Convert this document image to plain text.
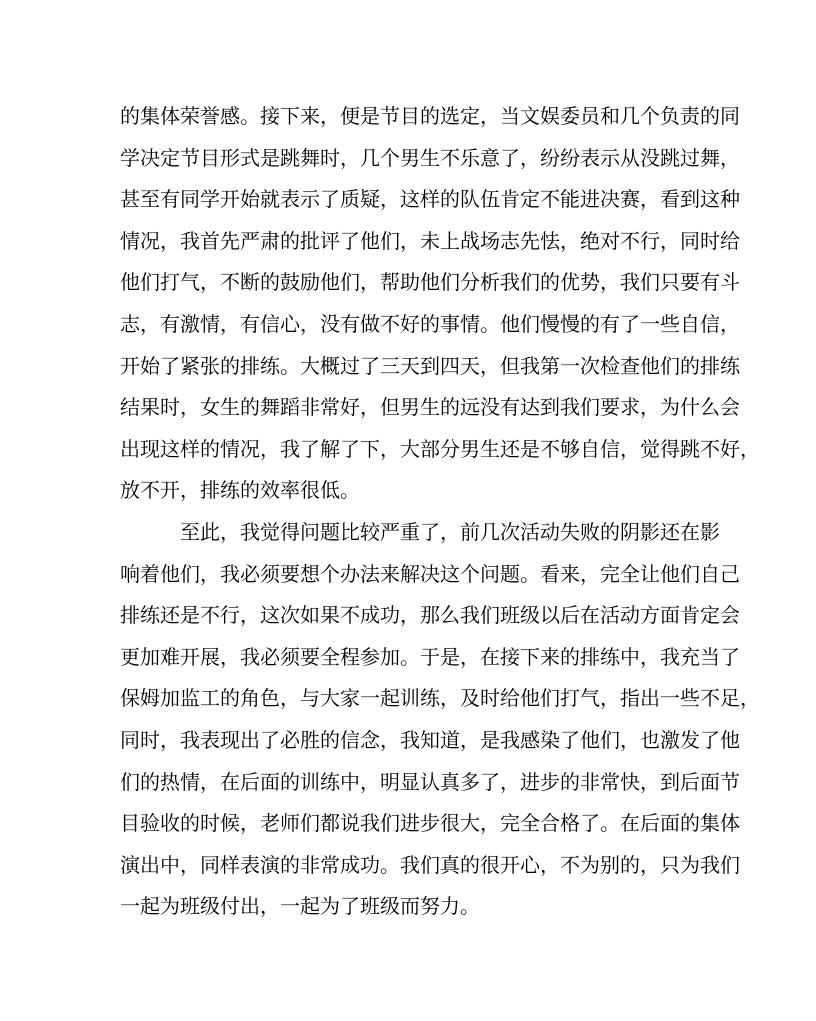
的集体荣誉感。接下来，便是节目的选定，当文娱委员和几个负责的同
学决定节目形式是跳舞时，几个男生不乐意了，纷纷表示从没跳过舞，
甚至有同学开始就表示了质疑，这样的队伍肯定不能进决赛，看到这种
情况，我首先严肃的批评了他们，未上战场志先怯，绝对不行，同时给
他们打气，不断的鼓励他们，帮助他们分析我们的优势，我们只要有斗
志，有激情，有信心，没有做不好的事情。他们慢慢的有了一些自信，
开始了紧张的排练。大概过了三天到四天，但我第一次检查他们的排练
结果时，女生的舞蹈非常好，但男生的远没有达到我们要求，为什么会
出现这样的情况，我了解了下，大部分男生还是不够自信，觉得跳不好，
放不开，排练的效率很低。
至此，我觉得问题比较严重了，前几次活动失败的阴影还在影
响着他们，我必须要想个办法来解决这个问题。看来，完全让他们自己
排练还是不行，这次如果不成功，那么我们班级以后在活动方面肯定会
更加难开展，我必须要全程参加。于是，在接下来的排练中，我充当了
保姆加监工的角色，与大家一起训练，及时给他们打气，指出一些不足，
同时，我表现出了必胜的信念，我知道，是我感染了他们，也激发了他
们的热情，在后面的训练中，明显认真多了，进步的非常快，到后面节
目验收的时候，老师们都说我们进步很大，完全合格了。在后面的集体
演出中，同样表演的非常成功。我们真的很开心，不为别的，只为我们
一起为班级付出，一起为了班级而努力。
